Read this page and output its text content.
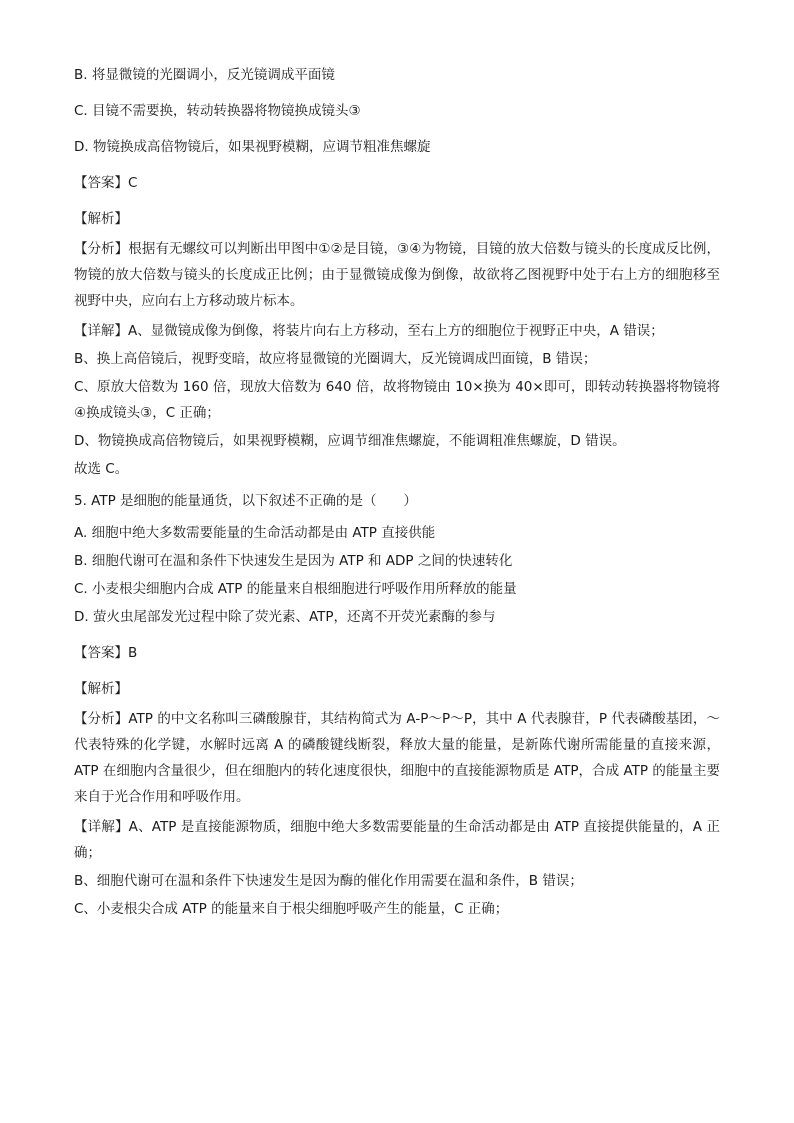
B. 将显微镜的光圈调小，反光镜调成平面镜
C. 目镜不需要换，转动转换器将物镜换成镜头③
D. 物镜换成高倍物镜后，如果视野模糊，应调节粗准焦螺旋
【答案】C
【解析】
【分析】根据有无螺纹可以判断出甲图中①②是目镜，③④为物镜，目镜的放大倍数与镜头的长度成反比例，物镜的放大倍数与镜头的长度成正比例；由于显微镜成像为倒像，故欲将乙图视野中处于右上方的细胞移至视野中央，应向右上方移动玻片标本。
【详解】A、显微镜成像为倒像，将装片向右上方移动，至右上方的细胞位于视野正中央，A 错误；
B、换上高倍镜后，视野变暗，故应将显微镜的光圈调大，反光镜调成凹面镜，B 错误；
C、原放大倍数为 160 倍，现放大倍数为 640 倍，故将物镜由 10×换为 40×即可，即转动转换器将物镜将④换成镜头③，C 正确；
D、物镜换成高倍物镜后，如果视野模糊，应调节细准焦螺旋，不能调粗准焦螺旋，D 错误。
故选 C。
5. ATP 是细胞的能量通货，以下叙述不正确的是（　　）
A. 细胞中绝大多数需要能量的生命活动都是由 ATP 直接供能
B. 细胞代谢可在温和条件下快速发生是因为 ATP 和 ADP 之间的快速转化
C. 小麦根尖细胞内合成 ATP 的能量来自根细胞进行呼吸作用所释放的能量
D. 萤火虫尾部发光过程中除了荧光素、ATP，还离不开荧光素酶的参与
【答案】B
【解析】
【分析】ATP 的中文名称叫三磷酸腺苷，其结构简式为 A-P～P～P，其中 A 代表腺苷，P 代表磷酸基团，～代表特殊的化学键，水解时远离 A 的磷酸键线断裂，释放大量的能量，是新陈代谢所需能量的直接来源，ATP 在细胞内含量很少，但在细胞内的转化速度很快，细胞中的直接能源物质是 ATP，合成 ATP 的能量主要来自于光合作用和呼吸作用。
【详解】A、ATP 是直接能源物质，细胞中绝大多数需要能量的生命活动都是由 ATP 直接提供能量的，A 正确；
B、细胞代谢可在温和条件下快速发生是因为酶的催化作用需要在温和条件，B 错误；
C、小麦根尖合成 ATP 的能量来自于根尖细胞呼吸产生的能量，C 正确；
